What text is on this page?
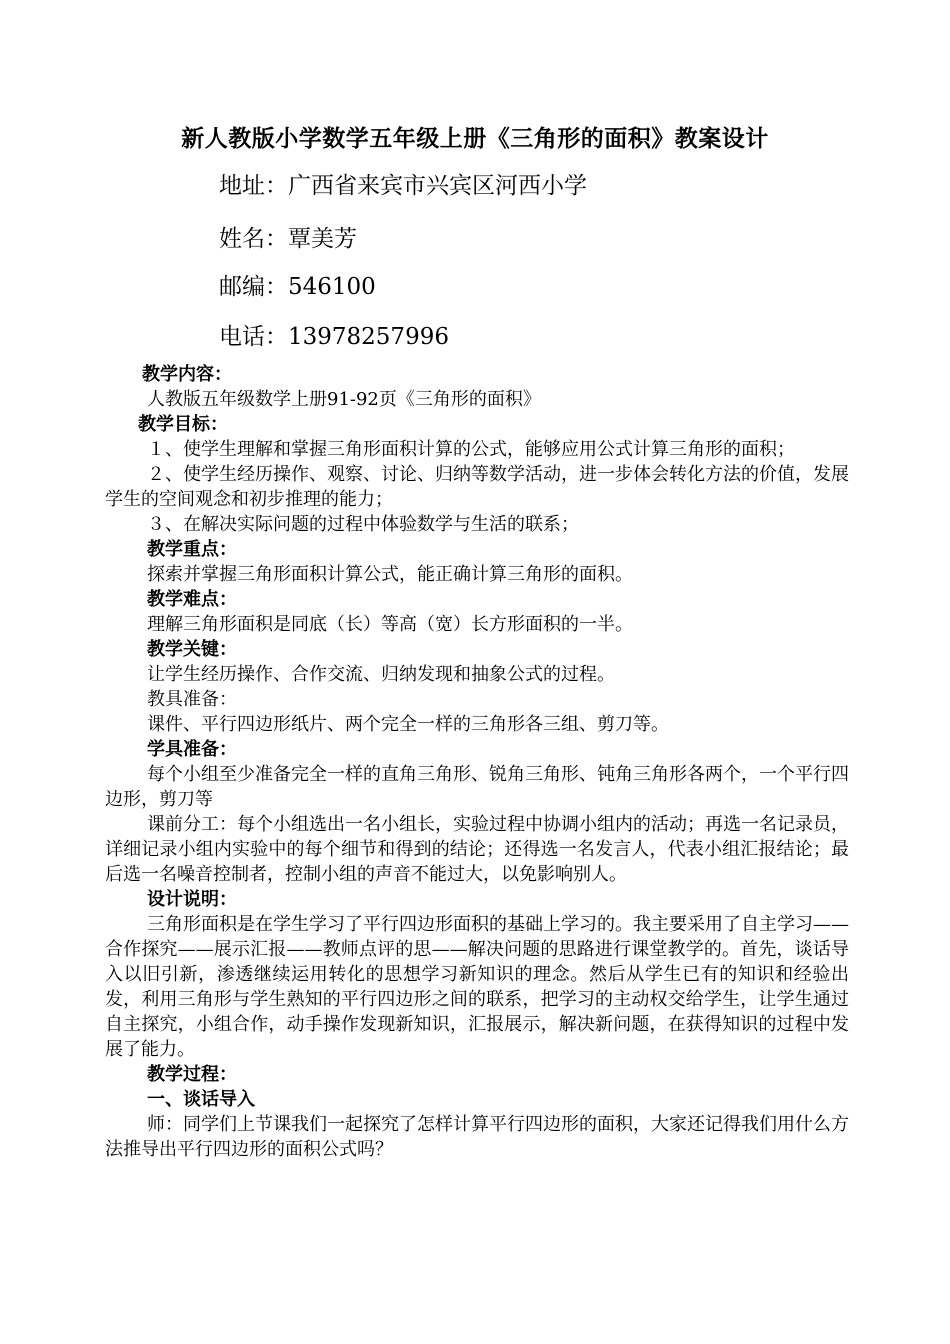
新人教版小学数学五年级上册《三角形的面积》教案设计
地址：广西省来宾市兴宾区河西小学
姓名：覃美芳
邮编：546100
电话：13978257996

教学内容：

人教版五年级数学上册91-92页《三角形的面积》

教学目标：

１、使学生理解和掌握三角形面积计算的公式，能够应用公式计算三角形的面积；

２、使学生经历操作、观察、讨论、归纳等数学活动，进一步体会转化方法的价值，发展学生的空间观念和初步推理的能力；

３、在解决实际问题的过程中体验数学与生活的联系；

教学重点：

探索并掌握三角形面积计算公式，能正确计算三角形的面积。

教学难点：

理解三角形面积是同底（长）等高（宽）长方形面积的一半。

教学关键：

让学生经历操作、合作交流、归纳发现和抽象公式的过程。

教具准备：

课件、平行四边形纸片、两个完全一样的三角形各三组、剪刀等。

学具准备：

每个小组至少准备完全一样的直角三角形、锐角三角形、钝角三角形各两个，一个平行四边形，剪刀等

课前分工：每个小组选出一名小组长，实验过程中协调小组内的活动；再选一名记录员，详细记录小组内实验中的每个细节和得到的结论；还得选一名发言人，代表小组汇报结论；最后选一名噪音控制者，控制小组的声音不能过大，以免影响别人。

设计说明：

三角形面积是在学生学习了平行四边形面积的基础上学习的。我主要采用了自主学习——合作探究——展示汇报——教师点评的思——解决问题的思路进行课堂教学的。首先，谈话导入以旧引新，渗透继续运用转化的思想学习新知识的理念。然后从学生已有的知识和经验出发，利用三角形与学生熟知的平行四边形之间的联系，把学习的主动权交给学生，让学生通过自主探究，小组合作，动手操作发现新知识，汇报展示，解决新问题，在获得知识的过程中发展了能力。

教学过程：

一、谈话导入

师：同学们上节课我们一起探究了怎样计算平行四边形的面积，大家还记得我们用什么方法推导出平行四边形的面积公式吗？
